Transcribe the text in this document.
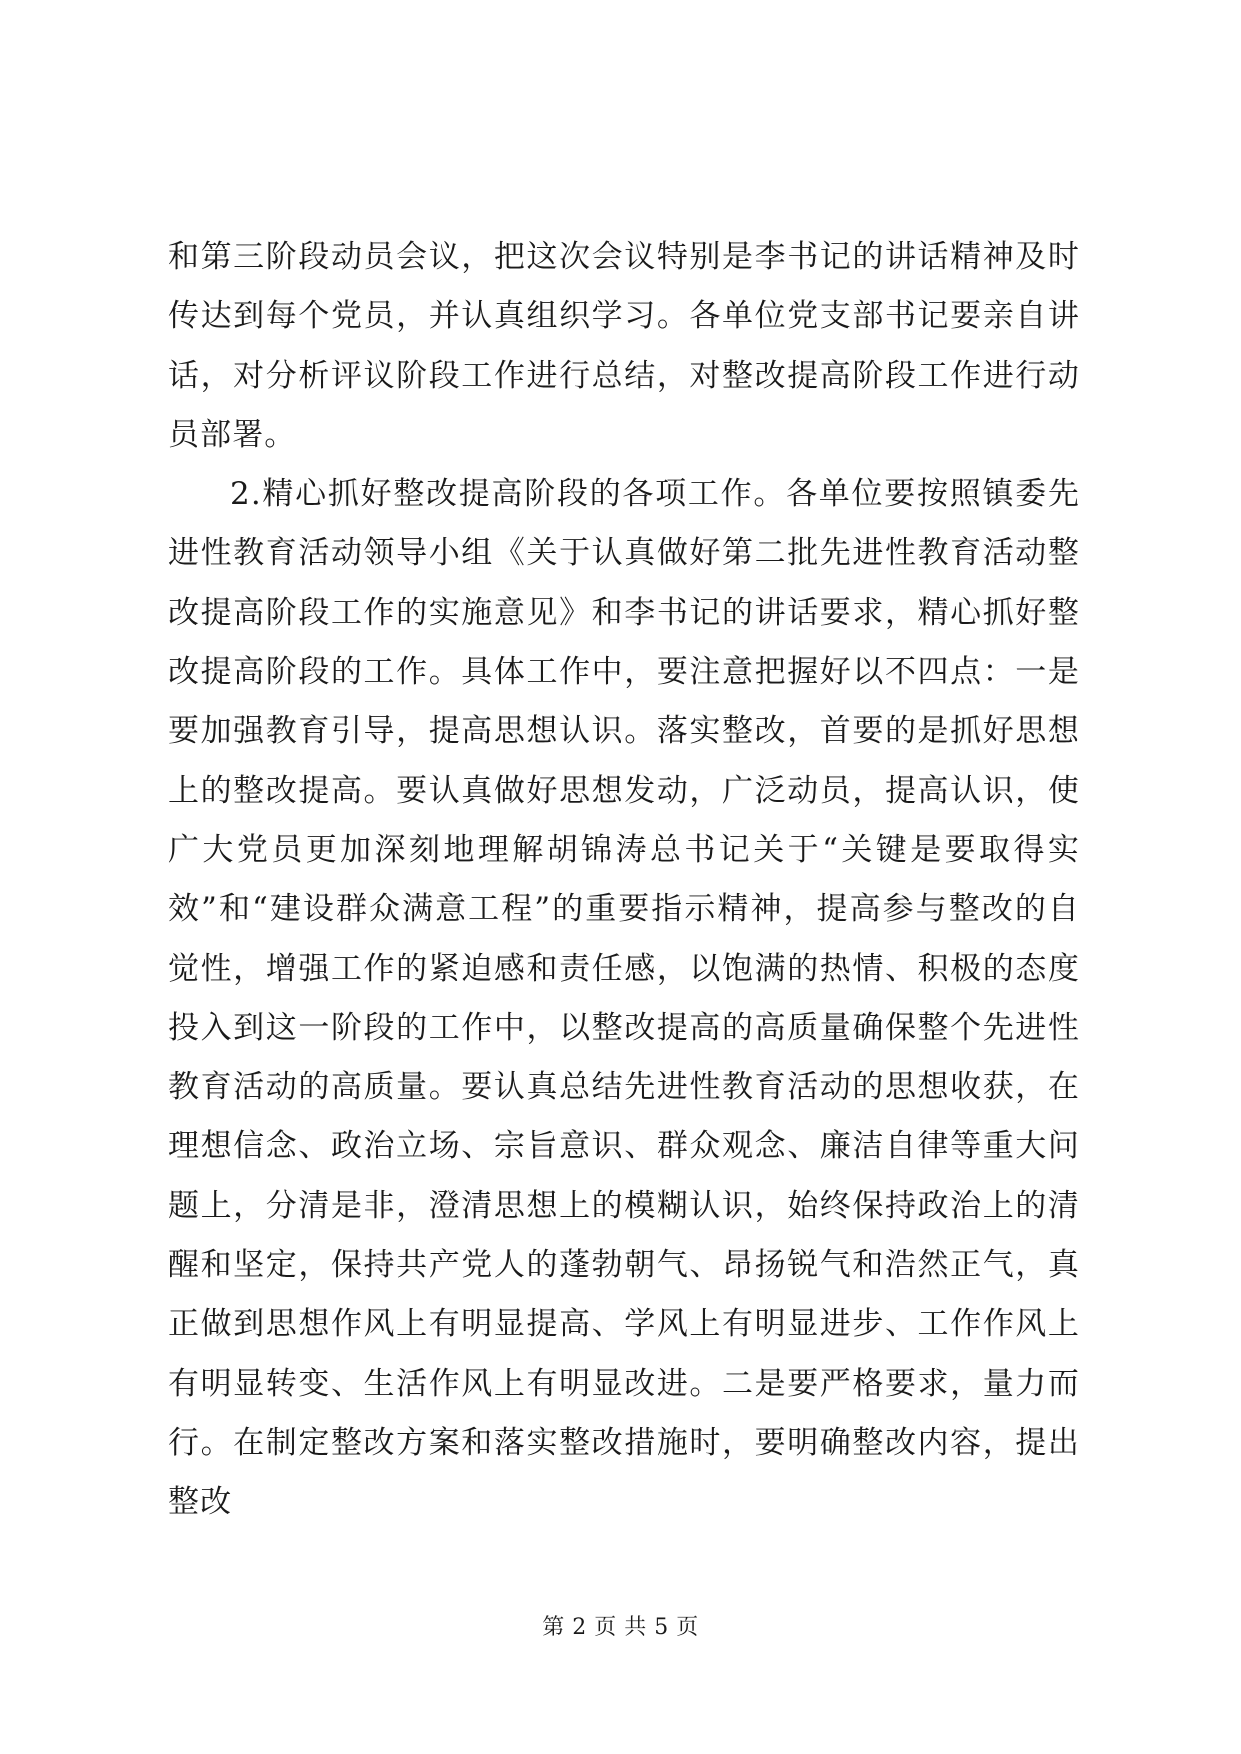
和第三阶段动员会议，把这次会议特别是李书记的讲话精神及时传达到每个党员，并认真组织学习。各单位党支部书记要亲自讲话，对分析评议阶段工作进行总结，对整改提高阶段工作进行动员部署。

2.精心抓好整改提高阶段的各项工作。各单位要按照镇委先进性教育活动领导小组《关于认真做好第二批先进性教育活动整改提高阶段工作的实施意见》和李书记的讲话要求，精心抓好整改提高阶段的工作。具体工作中，要注意把握好以不四点：一是要加强教育引导，提高思想认识。落实整改，首要的是抓好思想上的整改提高。要认真做好思想发动，广泛动员，提高认识，使广大党员更加深刻地理解胡锦涛总书记关于“关键是要取得实效”和“建设群众满意工程”的重要指示精神，提高参与整改的自觉性，增强工作的紧迫感和责任感，以饱满的热情、积极的态度投入到这一阶段的工作中，以整改提高的高质量确保整个先进性教育活动的高质量。要认真总结先进性教育活动的思想收获，在理想信念、政治立场、宗旨意识、群众观念、廉洁自律等重大问题上，分清是非，澄清思想上的模糊认识，始终保持政治上的清醒和坚定，保持共产党人的蓬勃朝气、昂扬锐气和浩然正气，真正做到思想作风上有明显提高、学风上有明显进步、工作作风上有明显转变、生活作风上有明显改进。二是要严格要求，量力而行。在制定整改方案和落实整改措施时，要明确整改内容，提出整改

第 2 页 共 5 页
